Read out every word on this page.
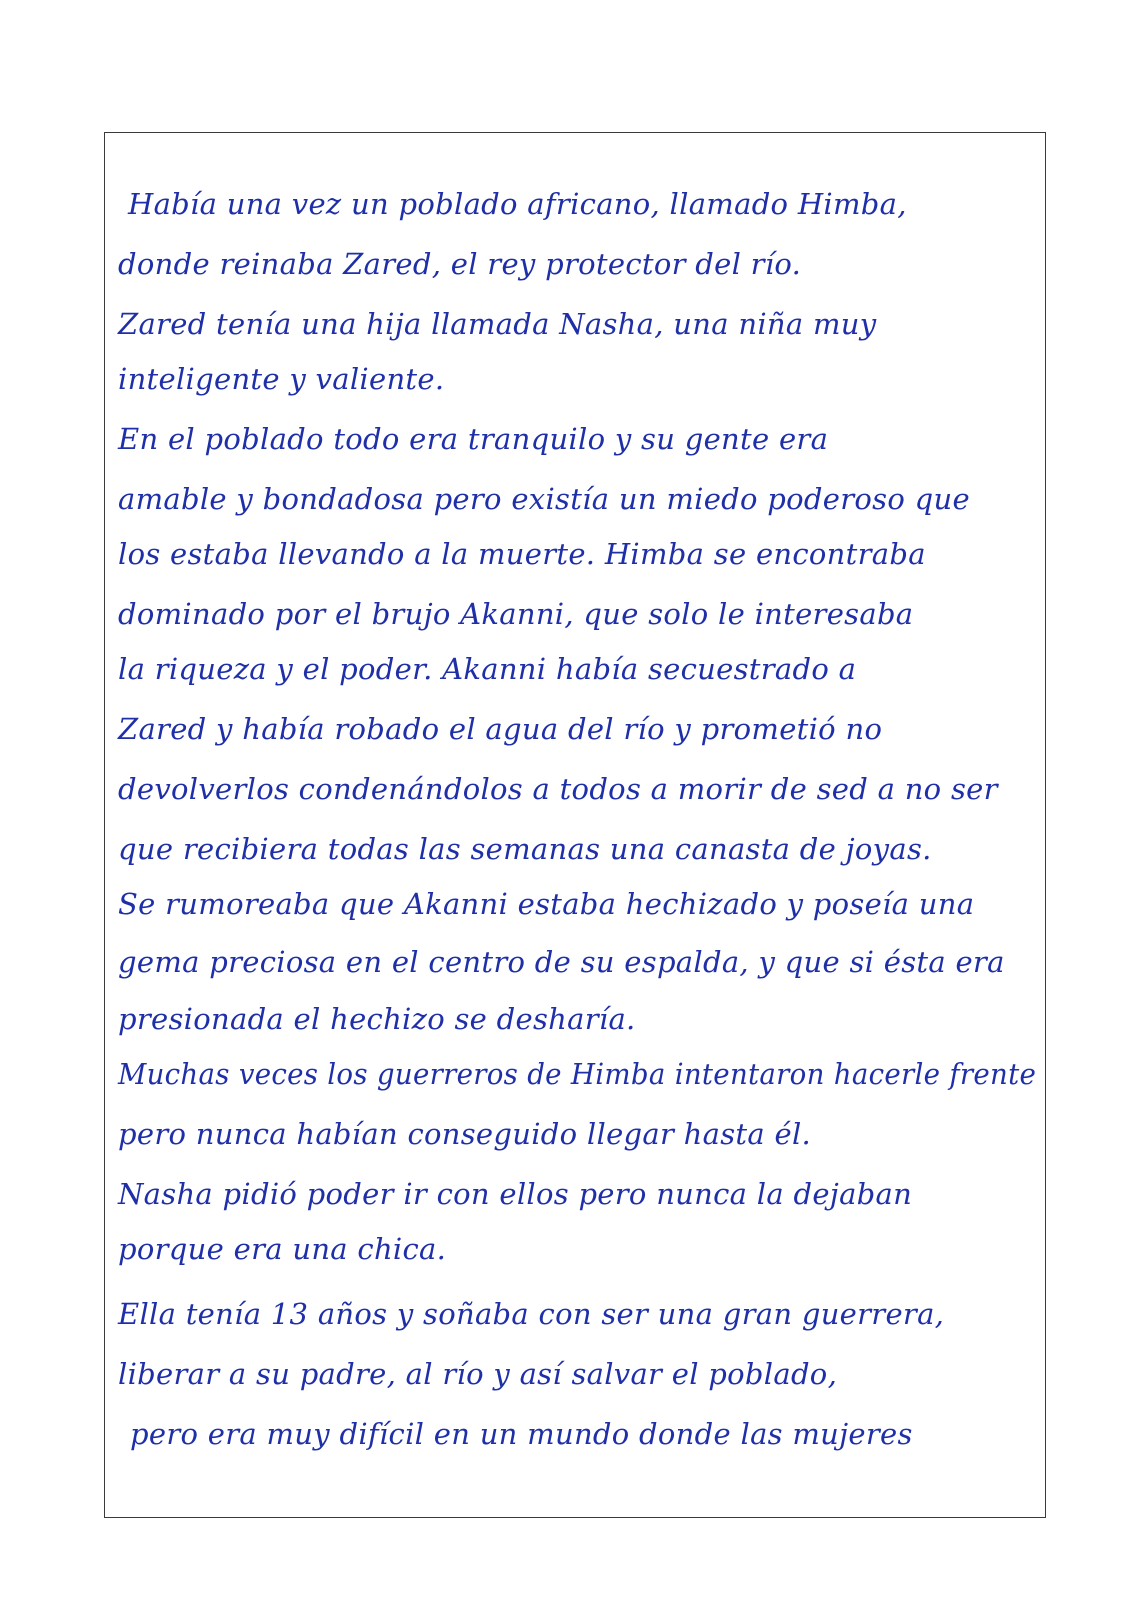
Había una vez un poblado africano, llamado Himba,
donde reinaba Zared, el rey protector del río.
Zared tenía una hija llamada Nasha, una niña muy
inteligente y valiente.
En el poblado todo era tranquilo y su gente era
amable y bondadosa pero existía un miedo poderoso que
los estaba llevando a la muerte. Himba se encontraba
dominado por el brujo Akanni, que solo le interesaba
la riqueza y el poder. Akanni había secuestrado a
Zared y había robado el agua del río y prometió no
devolverlos condenándolos a todos a morir de sed a no ser
que recibiera todas las semanas una canasta de joyas.
Se rumoreaba que Akanni estaba hechizado y poseía una
gema preciosa en el centro de su espalda, y que si ésta era
presionada el hechizo se desharía.
Muchas veces los guerreros de Himba intentaron hacerle frente
pero nunca habían conseguido llegar hasta él.
Nasha pidió poder ir con ellos pero nunca la dejaban
porque era una chica.
Ella tenía 13 años y soñaba con ser una gran guerrera,
liberar a su padre, al río y así salvar el poblado,
pero era muy difícil en un mundo donde las mujeres
